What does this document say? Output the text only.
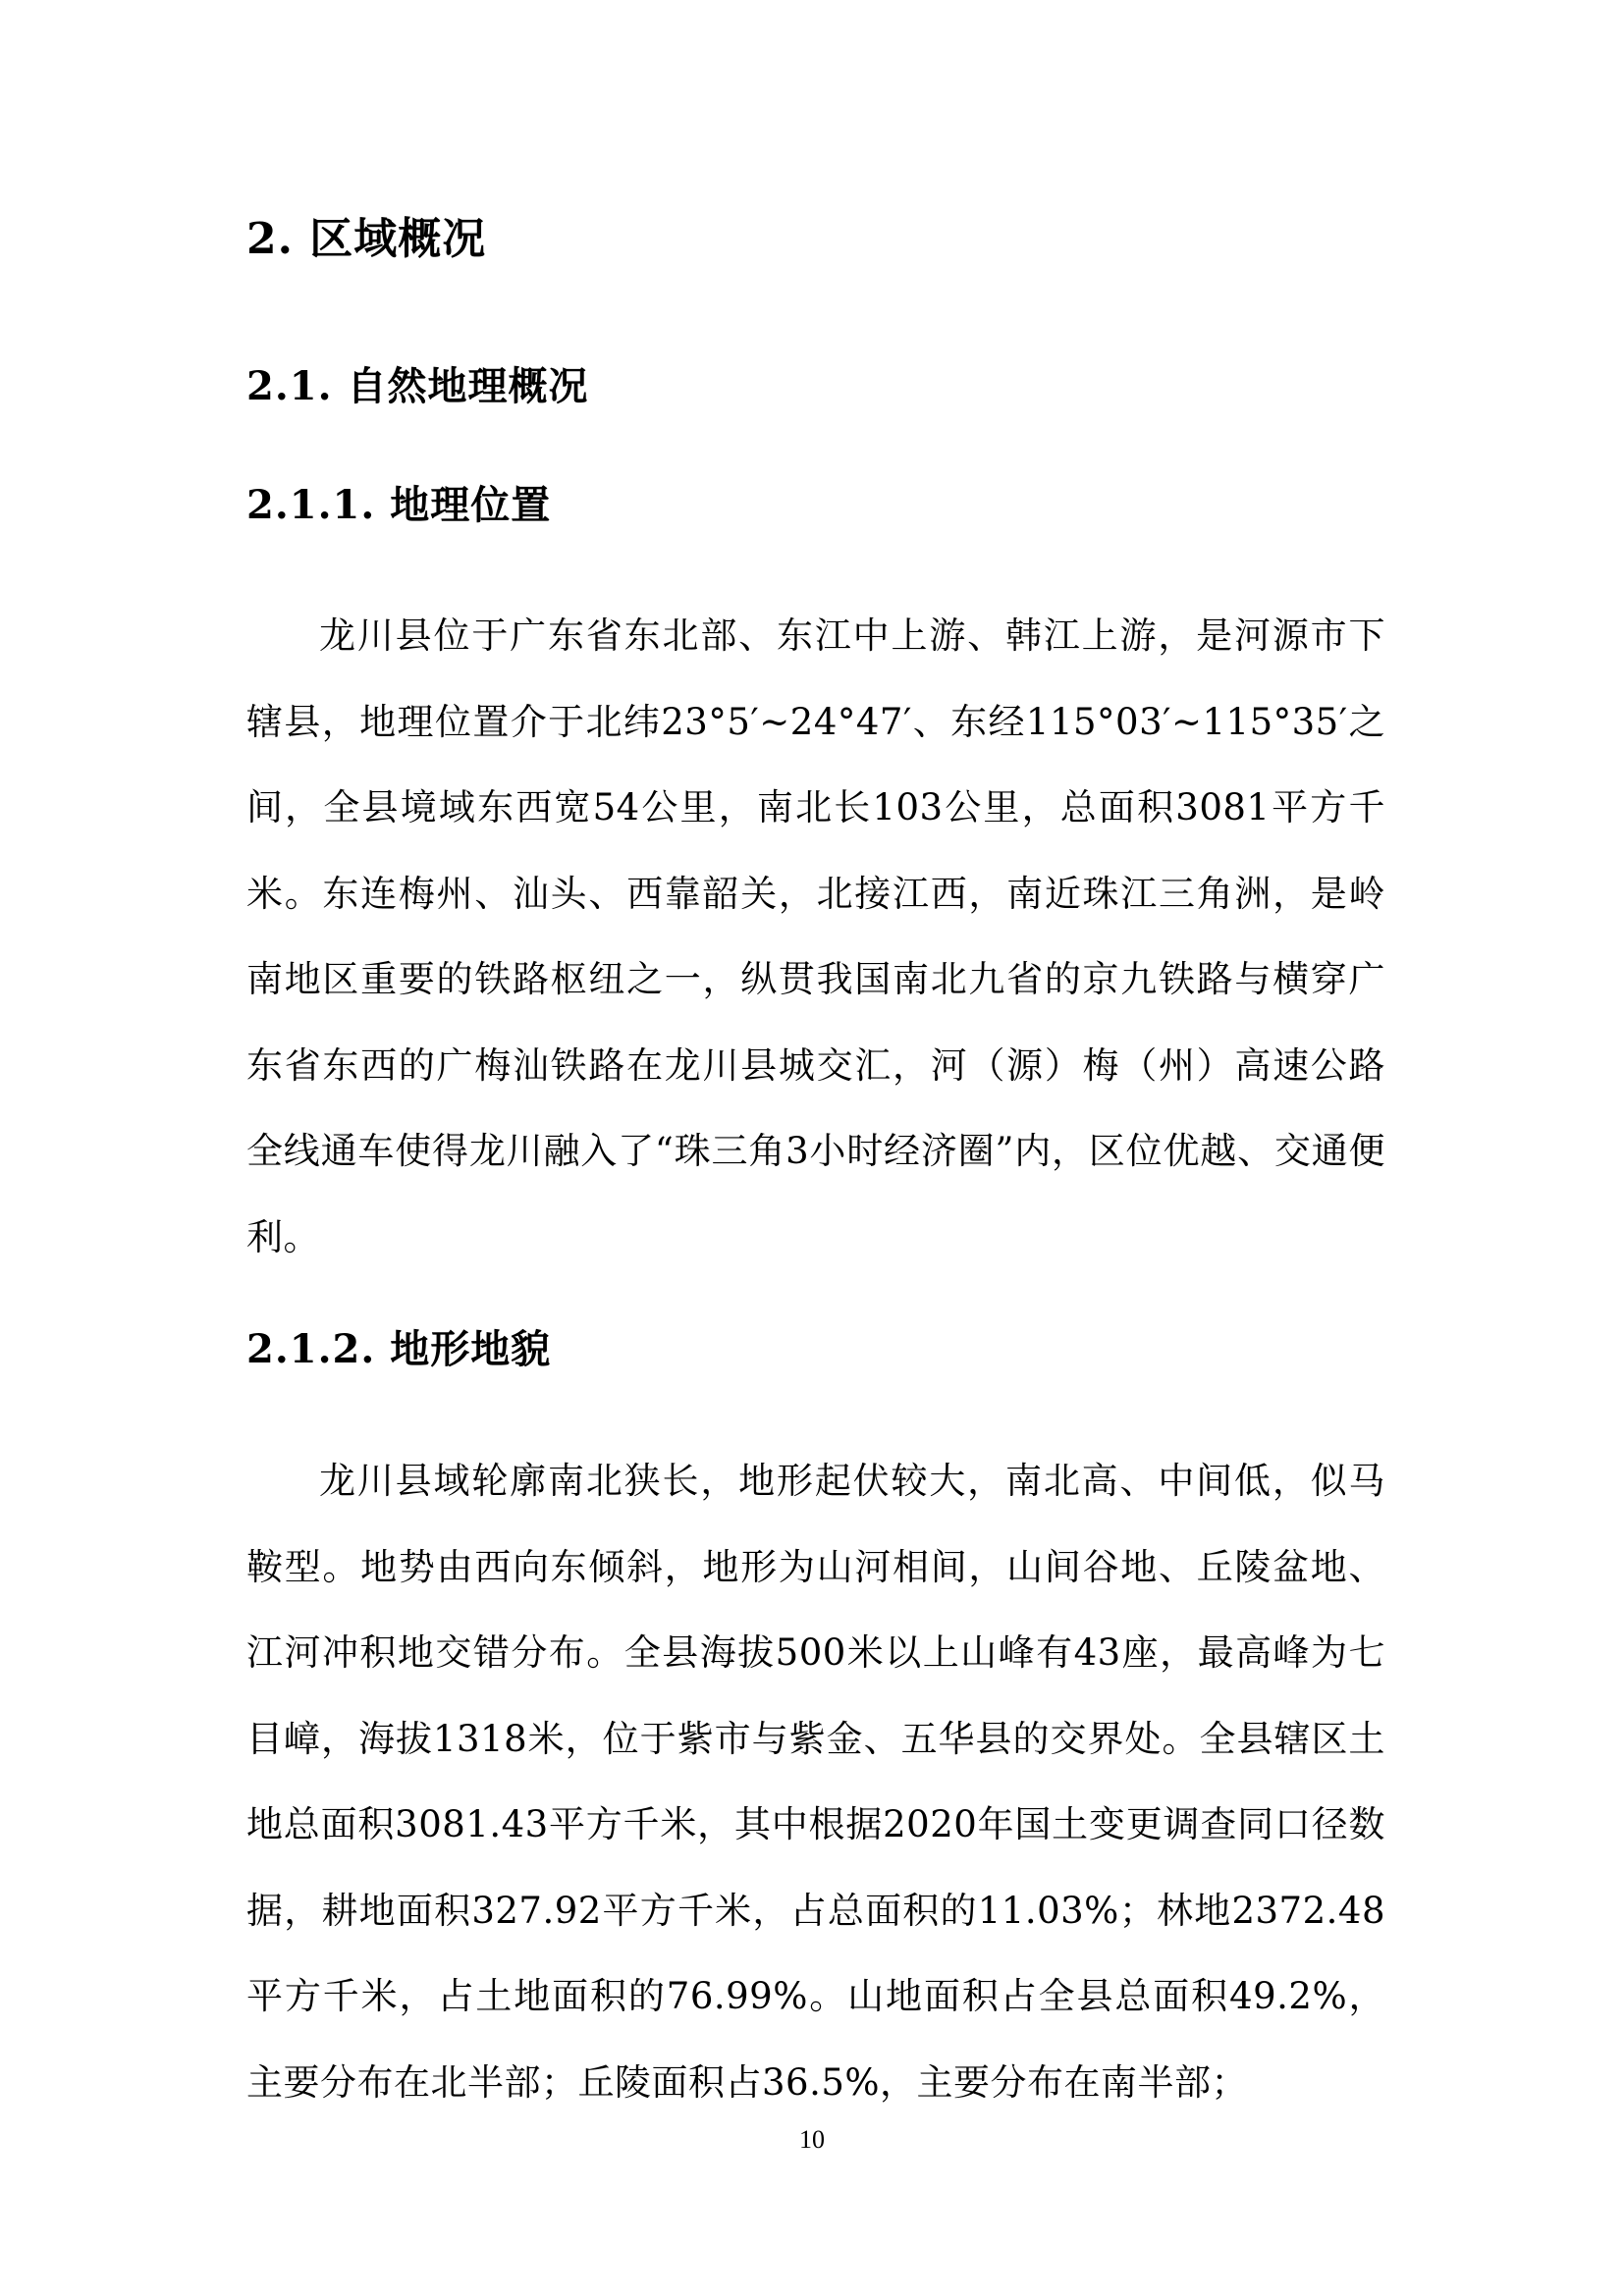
2. 区域概况
2.1. 自然地理概况
2.1.1. 地理位置

龙川县位于广东省东北部、东江中上游、韩江上游，是河源市下辖县，地理位置介于北纬23°5′~24°47′、东经115°03′~115°35′之间，全县境域东西宽54公里，南北长103公里，总面积3081平方千米。东连梅州、汕头、西靠韶关，北接江西，南近珠江三角洲，是岭南地区重要的铁路枢纽之一，纵贯我国南北九省的京九铁路与横穿广东省东西的广梅汕铁路在龙川县城交汇，河（源）梅（州）高速公路全线通车使得龙川融入了“珠三角3小时经济圈”内，区位优越、交通便利。

2.1.2. 地形地貌

龙川县域轮廓南北狭长，地形起伏较大，南北高、中间低，似马鞍型。地势由西向东倾斜，地形为山河相间，山间谷地、丘陵盆地、江河冲积地交错分布。全县海拔500米以上山峰有43座，最高峰为七目嶂，海拔1318米，位于紫市与紫金、五华县的交界处。全县辖区土地总面积3081.43平方千米，其中根据2020年国土变更调查同口径数据，耕地面积327.92平方千米，占总面积的11.03%；林地2372.48平方千米，占土地面积的76.99%。山地面积占全县总面积49.2%，主要分布在北半部；丘陵面积占36.5%，主要分布在南半部；

10
